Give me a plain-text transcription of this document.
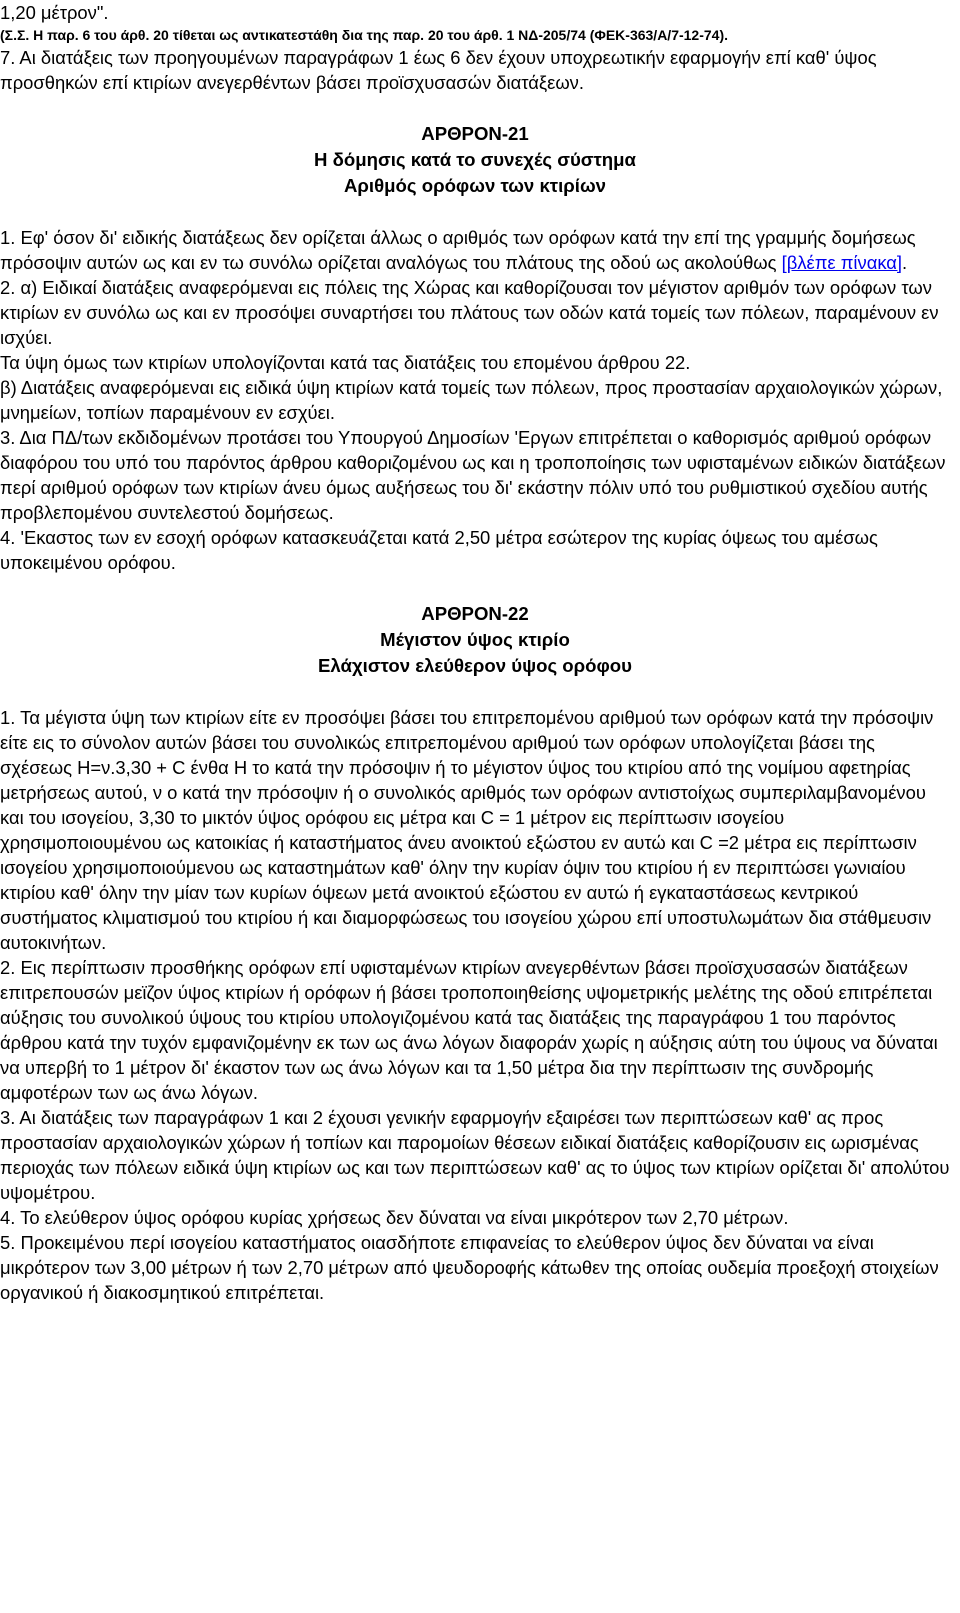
1,20 μέτρον".

(Σ.Σ. Η παρ. 6 του άρθ. 20 τίθεται ως αντικατεστάθη δια της παρ. 20 του άρθ. 1 ΝΔ-205/74 (ΦΕΚ-363/Α/7-12-74).

7. Αι διατάξεις των προηγουμένων παραγράφων 1 έως 6 δεν έχουν υποχρεωτικήν εφαρμογήν επί καθ' ύψος προσθηκών επί κτιρίων ανεγερθέντων βάσει προϊσχυσασών διατάξεων.

ΑΡΘΡΟΝ-21

Η δόμησις κατά το συνεχές σύστημα

Αριθμός ορόφων των κτιρίων

1. Εφ' όσον δι' ειδικής διατάξεως δεν ορίζεται άλλως ο αριθμός των ορόφων κατά την επί της γραμμής δομήσεως πρόσοψιν αυτών ως και εν τω συνόλω ορίζεται αναλόγως του πλάτους της οδού ως ακολούθως [βλέπε πίνακα].

2. α) Ειδικαί διατάξεις αναφερόμεναι εις πόλεις της Χώρας και καθορίζουσαι τον μέγιστον αριθμόν των ορόφων των κτιρίων εν συνόλω ως και εν προσόψει συναρτήσει του πλάτους των οδών κατά τομείς των πόλεων, παραμένουν εν ισχύει.

Τα ύψη όμως των κτιρίων υπολογίζονται κατά τας διατάξεις του επομένου άρθρου 22.

β) Διατάξεις αναφερόμεναι εις ειδικά ύψη κτιρίων κατά τομείς των πόλεων, προς προστασίαν αρχαιολογικών χώρων, μνημείων, τοπίων παραμένουν εν εσχύει.

3. Δια ΠΔ/των εκδιδομένων προτάσει του Υπουργού Δημοσίων 'Εργων επιτρέπεται ο καθορισμός αριθμού ορόφων διαφόρου του υπό του παρόντος άρθρου καθοριζομένου ως και η τροποποίησις των υφισταμένων ειδικών διατάξεων περί αριθμού ορόφων των κτιρίων άνευ όμως αυξήσεως του δι' εκάστην πόλιν υπό του ρυθμιστικού σχεδίου αυτής προβλεπομένου συντελεστού δομήσεως.

4. 'Εκαστος των εν εσοχή ορόφων κατασκευάζεται κατά 2,50 μέτρα εσώτερον της κυρίας όψεως του αμέσως υποκειμένου ορόφου.

ΑΡΘΡΟΝ-22

Μέγιστον ύψος κτιρίο

Ελάχιστον ελεύθερον ύψος ορόφου

1. Τα μέγιστα ύψη των κτιρίων είτε εν προσόψει βάσει του επιτρεπομένου αριθμού των ορόφων κατά την πρόσοψιν είτε εις το σύνολον αυτών βάσει του συνολικώς επιτρεπομένου αριθμού των ορόφων υπολογίζεται βάσει της σχέσεως Η=ν.3,30 + C ένθα Η το κατά την πρόσοψιν ή το μέγιστον ύψος του κτιρίου από της νομίμου αφετηρίας μετρήσεως αυτού, ν ο κατά την πρόσοψιν ή ο συνολικός αριθμός των ορόφων αντιστοίχως συμπεριλαμβανομένου και του ισογείου, 3,30 το μικτόν ύψος ορόφου εις μέτρα και C = 1 μέτρον εις περίπτωσιν ισογείου χρησιμοποιουμένου ως κατοικίας ή καταστήματος άνευ ανοικτού εξώστου εν αυτώ και C =2 μέτρα εις περίπτωσιν ισογείου χρησιμοποιούμενου ως καταστημάτων καθ' όλην την κυρίαν όψιν του κτιρίου ή εν περιπτώσει γωνιαίου κτιρίου καθ' όλην την μίαν των κυρίων όψεων μετά ανοικτού εξώστου εν αυτώ ή εγκαταστάσεως κεντρικού συστήματος κλιματισμού του κτιρίου ή και διαμορφώσεως του ισογείου χώρου επί υποστυλωμάτων δια στάθμευσιν αυτοκινήτων.

2. Εις περίπτωσιν προσθήκης ορόφων επί υφισταμένων κτιρίων ανεγερθέντων βάσει προϊσχυσασών διατάξεων επιτρεπουσών μεϊζον ύψος κτιρίων ή ορόφων ή βάσει τροποποιηθείσης υψομετρικής μελέτης της οδού επιτρέπεται αύξησις του συνολικού ύψους του κτιρίου υπολογιζομένου κατά τας διατάξεις της παραγράφου 1 του παρόντος άρθρου κατά την τυχόν εμφανιζομένην εκ των ως άνω λόγων διαφοράν χωρίς η αύξησις αύτη του ύψους να δύναται να υπερβή το 1 μέτρον δι' έκαστον των ως άνω λόγων και τα 1,50 μέτρα δια την περίπτωσιν της συνδρομής αμφοτέρων των ως άνω λόγων.

3. Αι διατάξεις των παραγράφων 1 και 2 έχουσι γενικήν εφαρμογήν εξαιρέσει των περιπτώσεων καθ' ας προς προστασίαν αρχαιολογικών χώρων ή τοπίων και παρομοίων θέσεων ειδικαί διατάξεις καθορίζουσιν εις ωρισμένας περιοχάς των πόλεων ειδικά ύψη κτιρίων ως και των περιπτώσεων καθ' ας το ύψος των κτιρίων ορίζεται δι' απολύτου υψομέτρου.

4. Το ελεύθερον ύψος ορόφου κυρίας χρήσεως δεν δύναται να είναι μικρότερον των 2,70 μέτρων.

5. Προκειμένου περί ισογείου καταστήματος οιασδήποτε επιφανείας το ελεύθερον ύψος δεν δύναται να είναι μικρότερον των 3,00 μέτρων ή των 2,70 μέτρων από ψευδοροφής κάτωθεν της οποίας ουδεμία προεξοχή στοιχείων οργανικού ή διακοσμητικού επιτρέπεται.
